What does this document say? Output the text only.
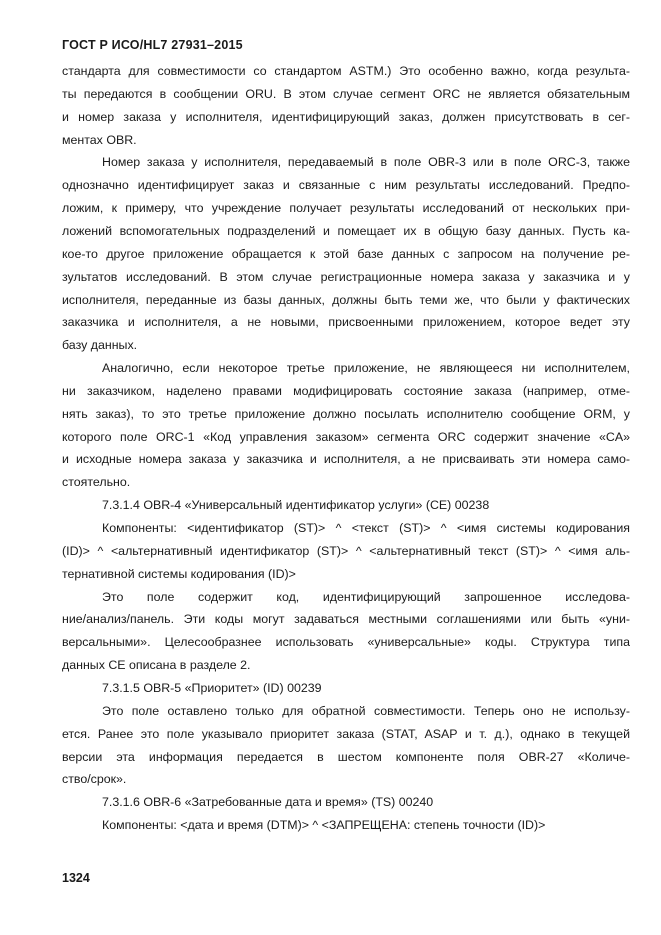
ГОСТ Р ИСО/HL7 27931–2015
стандарта для совместимости со стандартом ASTM.) Это особенно важно, когда результа-
ты передаются в сообщении ORU. В этом случае сегмент ORC не является обязательным
и номер заказа у исполнителя, идентифицирующий заказ, должен присутствовать в сег-
ментах OBR.
Номер заказа у исполнителя, передаваемый в поле OBR-3 или в поле ORC-3, также
однозначно идентифицирует заказ и связанные с ним результаты исследований. Предпо-
ложим, к примеру, что учреждение получает результаты исследований от нескольких при-
ложений вспомогательных подразделений и помещает их в общую базу данных. Пусть ка-
кое-то другое приложение обращается к этой базе данных с запросом на получение ре-
зультатов исследований. В этом случае регистрационные номера заказа у заказчика и у
исполнителя, переданные из базы данных, должны быть теми же, что были у фактических
заказчика и исполнителя, а не новыми, присвоенными приложением, которое ведет эту
базу данных.
Аналогично, если некоторое третье приложение, не являющееся ни исполнителем,
ни заказчиком, наделено правами модифицировать состояние заказа (например, отме-
нять заказ), то это третье приложение должно посылать исполнителю сообщение ORM, у
которого поле ORC-1 «Код управления заказом» сегмента ORC содержит значение «CA»
и исходные номера заказа у заказчика и исполнителя, а не присваивать эти номера само-
стоятельно.
7.3.1.4 OBR-4 «Универсальный идентификатор услуги» (CE) 00238
Компоненты: <идентификатор (ST)> ^ <текст (ST)> ^ <имя системы кодирования
(ID)> ^ <альтернативный идентификатор (ST)> ^ <альтернативный текст (ST)> ^ <имя аль-
тернативной системы кодирования (ID)>
Это поле содержит код, идентифицирующий запрошенное исследова-
ние/анализ/панель. Эти коды могут задаваться местными соглашениями или быть «уни-
версальными». Целесообразнее использовать «универсальные» коды. Структура типа
данных CE описана в разделе 2.
7.3.1.5 OBR-5 «Приоритет» (ID) 00239
Это поле оставлено только для обратной совместимости. Теперь оно не использу-
ется. Ранее это поле указывало приоритет заказа (STAT, ASAP и т. д.), однако в текущей
версии эта информация передается в шестом компоненте поля OBR-27 «Количе-
ство/срок».
7.3.1.6 OBR-6 «Затребованные дата и время» (TS) 00240
Компоненты: <дата и время (DTM)> ^ <ЗАПРЕЩЕНА: степень точности (ID)>
1324
